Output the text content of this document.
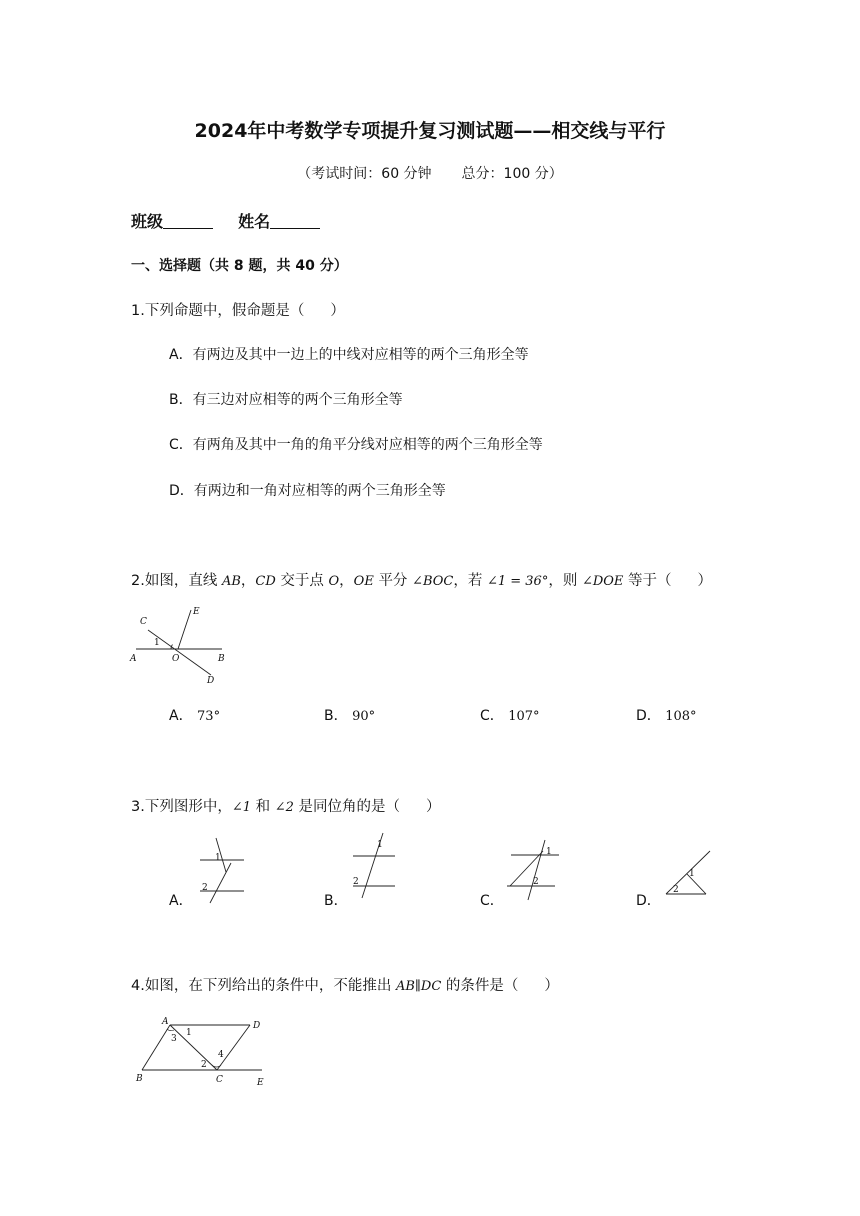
2024年中考数学专项提升复习测试题——相交线与平行
（考试时间：60 分钟 总分：100 分）
班级	姓名
一、选择题（共 8 题，共 40 分）
1.下列命题中，假命题是（ ）
A．有两边及其中一边上的中线对应相等的两个三角形全等
B．有三边对应相等的两个三角形全等
C．有两角及其中一角的角平分线对应相等的两个三角形全等
D．有两边和一角对应相等的两个三角形全等
2.如图，直线 AB，CD 交于点 O，OE 平分 ∠BOC，若 ∠1 = 36°，则 ∠DOE 等于（ ）
C
E
1
A	O	B
D
A． 73°	B． 90°	C． 107°	D． 108°
3.下列图形中，∠1 和 ∠2 是同位角的是（ ）
A．	B．	C．	D．
1
2
1
2
1
2
1
2
4.如图，在下列给出的条件中，不能推出 AB∥DC 的条件是（ ）
A	D
1
3
4
2
B	C	E
